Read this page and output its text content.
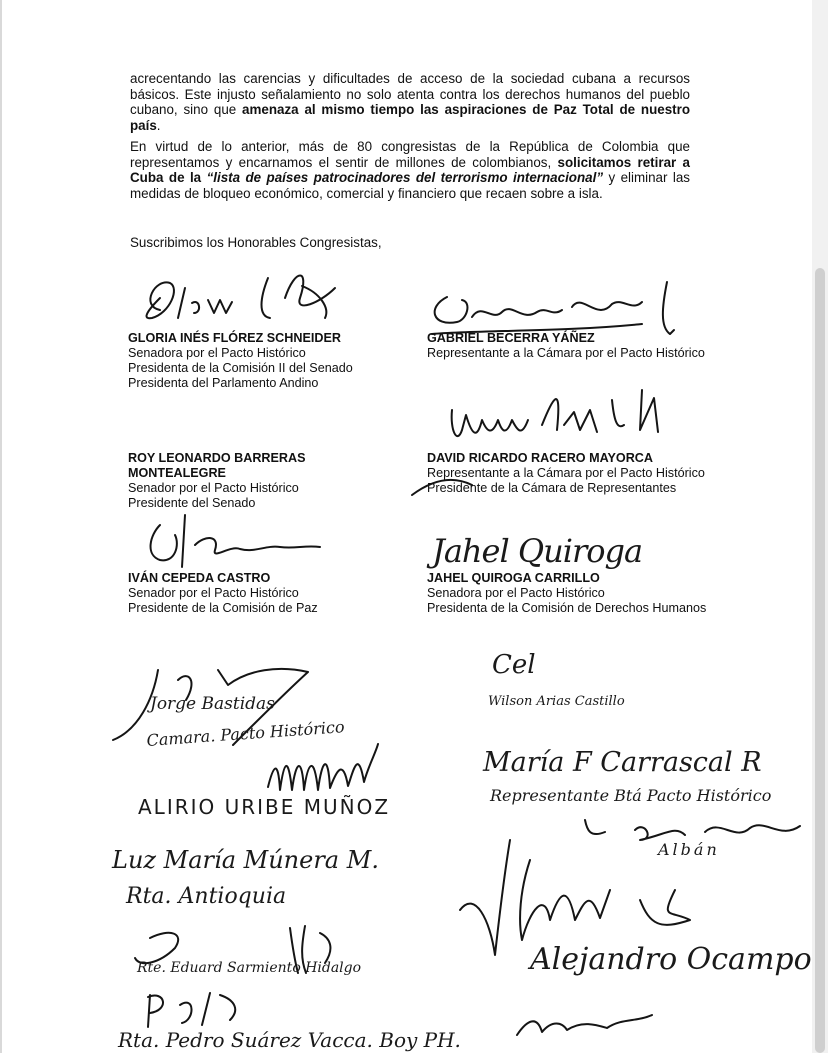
acrecentando las carencias y dificultades de acceso de la sociedad cubana a recursos básicos. Este injusto señalamiento no solo atenta contra los derechos humanos del pueblo cubano, sino que amenaza al mismo tiempo las aspiraciones de Paz Total de nuestro país.
En virtud de lo anterior, más de 80 congresistas de la República de Colombia que representamos y encarnamos el sentir de millones de colombianos, solicitamos retirar a Cuba de la “lista de países patrocinadores del terrorismo internacional” y eliminar las medidas de bloqueo económico, comercial y financiero que recaen sobre a isla.
Suscribimos los Honorables Congresistas,
GLORIA INÉS FLÓREZ SCHNEIDER
Senadora por el Pacto Histórico
Presidenta de la Comisión II del Senado
Presidenta del Parlamento Andino
GABRIEL BECERRA YÁÑEZ
Representante a la Cámara por el Pacto Histórico
ROY LEONARDO BARRERAS
MONTEALEGRE
Senador por el Pacto Histórico
Presidente del Senado
DAVID RICARDO RACERO MAYORCA
Representante a la Cámara por el Pacto Histórico
Presidente de la Cámara de Representantes
IVÁN CEPEDA CASTRO
Senador por el Pacto Histórico
Presidente de la Comisión de Paz
Jahel Quiroga
JAHEL QUIROGA CARRILLO
Senadora por el Pacto Histórico
Presidenta de la Comisión de Derechos Humanos
Jorge Bastidas
Camara. Pacto Histórico
ALIRIO URIBE MUÑOZ
Luz María Múnera M.
Rta. Antioquia
Rte. Eduard Sarmiento Hidalgo
Rta. Pedro Suárez Vacca. Boy PH.
Cel
Wilson Arias Castillo
María F Carrascal R
Representante Btá Pacto Histórico
Albán
Alejandro Ocampo
